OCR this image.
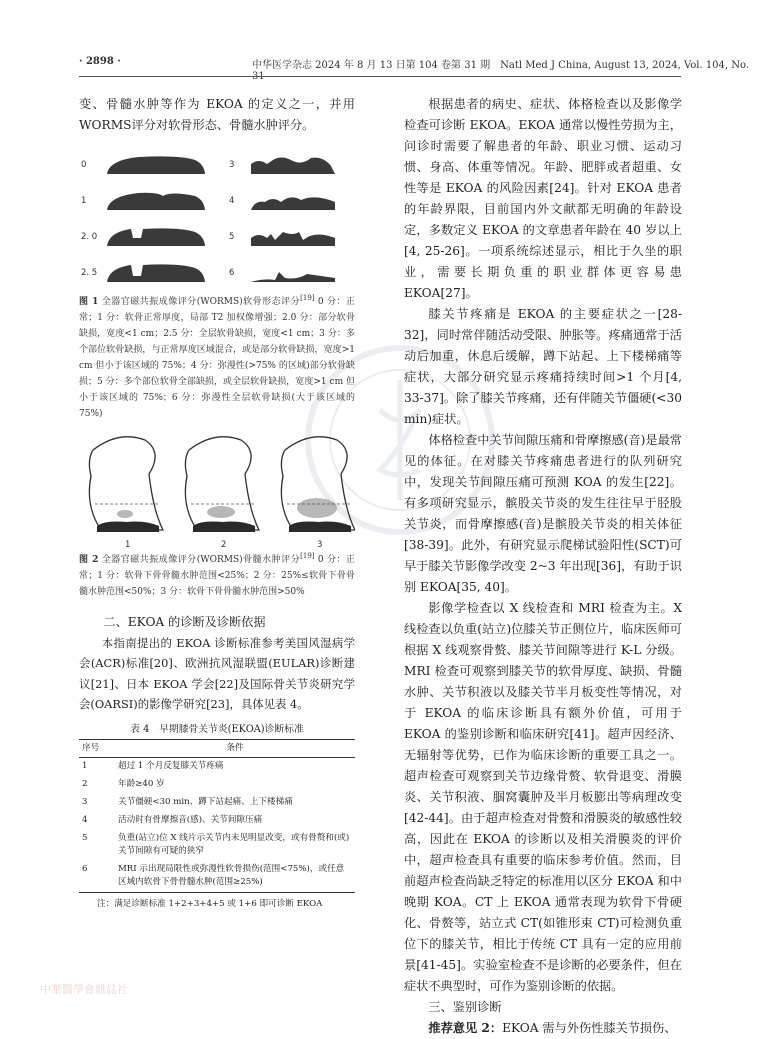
· 2898 ·	中华医学杂志 2024 年 8 月 13 日第 104 卷第 31 期　Natl Med J China, August 13, 2024, Vol. 104, No.

变、骨髓水肿等作为 EKOA 的定义之一，并用 WORMS评分对软骨形态、骨髓水肿评分。

0
1
2. 0
2. 5
3
4
5
6

图 1 全器官磁共振成像评分(WORMS)软骨形态评分[19] 0 分：正常；1 分：软骨正常厚度，局部 T2 加权像增强；2.0 分：部分软骨缺损，宽度<1 cm；2.5 分：全层软骨缺损，宽度<1 cm；3 分：多个部位软骨缺损，与正常厚度区域混合，或是部分软骨缺损，宽度>1 cm 但小于该区域的 75%；4 分：弥漫性(>75% 的区域)部分软骨缺损；5 分：多个部位软骨全部缺损，或全层软骨缺损，宽度>1 cm 但小于该区域的 75%；6 分：弥漫性全层软骨缺损(大于该区域的 75%)

1	2	3

图 2 全器官磁共振成像评分(WORMS)骨髓水肿评分[19] 0 分：正常；1 分：软骨下骨骨髓水肿范围<25%；2 分：25%≤软骨下骨骨髓水肿范围<50%；3 分：软骨下骨骨髓水肿范围>50%

二、EKOA 的诊断及诊断依据

本指南提出的 EKOA 诊断标准参考美国风湿病学会(ACR)标准[20]、欧洲抗风湿联盟(EULAR)诊断建议[21]、日本 EKOA 学会[22]及国际骨关节炎研究学会(OARSI)的影像学研究[23]，具体见表 4。

表 4　早期膝骨关节炎(EKOA)诊断标准
序号	条件
1	超过 1 个月反复膝关节疼痛
2	年龄≥40 岁
3	关节僵硬<30 min、蹲下站起痛、上下楼梯痛
4	活动时有骨摩擦音(感)、关节间隙压痛
5	负重(站立)位 X 线片示关节内未见明显改变，或有骨赘和(或)关节间隙有可疑的狭窄
6	MRI 示出现局限性或弥漫性软骨损伤(范围<75%)，或任意区域内软骨下骨骨髓水肿(范围≥25%)
注：满足诊断标准 1+2+3+4+5 或 1+6 即可诊断 EKOA

根据患者的病史、症状、体格检查以及影像学检查可诊断 EKOA。EKOA 通常以慢性劳损为主，问诊时需要了解患者的年龄、职业习惯、运动习惯、身高、体重等情况。年龄、肥胖或者超重、女性等是 EKOA 的风险因素[24]。针对 EKOA 患者的年龄界限，目前国内外文献都无明确的年龄设定，多数定义 EKOA 的文章患者年龄在 40 岁以上[4, 25-26]。一项系统综述显示，相比于久坐的职业，需要长期负重的职业群体更容易患 EKOA[27]。

膝关节疼痛是 EKOA 的主要症状之一[28-32]，同时常伴随活动受限、肿胀等。疼痛通常于活动后加重，休息后缓解，蹲下站起、上下楼梯痛等症状，大部分研究显示疼痛持续时间>1 个月[4, 33-37]。除了膝关节疼痛，还有伴随关节僵硬(<30 min)症状。

体格检查中关节间隙压痛和骨摩擦感(音)是最常见的体征。在对膝关节疼痛患者进行的队列研究中，发现关节间隙压痛可预测 KOA 的发生[22]。有多项研究显示，髌股关节炎的发生往往早于胫股关节炎，而骨摩擦感(音)是髌股关节炎的相关体征[38-39]。此外，有研究显示爬梯试验阳性(SCT)可早于膝关节影像学改变 2~3 年出现[36]，有助于识别 EKOA[35, 40]。

影像学检查以 X 线检查和 MRI 检查为主。X 线检查以负重(站立)位膝关节正侧位片，临床医师可根据 X 线观察骨赘、膝关节间隙等进行 K-L 分级。MRI 检查可观察到膝关节的软骨厚度、缺损、骨髓水肿、关节积液以及膝关节半月板变性等情况，对于 EKOA 的临床诊断具有额外价值，可用于 EKOA 的鉴别诊断和临床研究[41]。超声因经济、无辐射等优势，已作为临床诊断的重要工具之一。超声检查可观察到关节边缘骨赘、软骨退变、滑膜炎、关节积液、腘窝囊肿及半月板膨出等病理改变[42-44]。由于超声检查对骨赘和滑膜炎的敏感性较高，因此在 EKOA 的诊断以及相关滑膜炎的评价中，超声检查具有重要的临床参考价值。然而，目前超声检查尚缺乏特定的标准用以区分 EKOA 和中晚期 KOA。CT 上 EKOA 通常表现为软骨下骨硬化、骨赘等，站立式 CT(如锥形束 CT)可检测负重位下的膝关节，相比于传统 CT 具有一定的应用前景[41-45]。实验室检查不是诊断的必要条件，但在症状不典型时，可作为鉴别诊断的依据。

三、鉴别诊断

推荐意见 2：EKOA 需与外伤性膝关节损伤、

中華醫學會雜誌社
